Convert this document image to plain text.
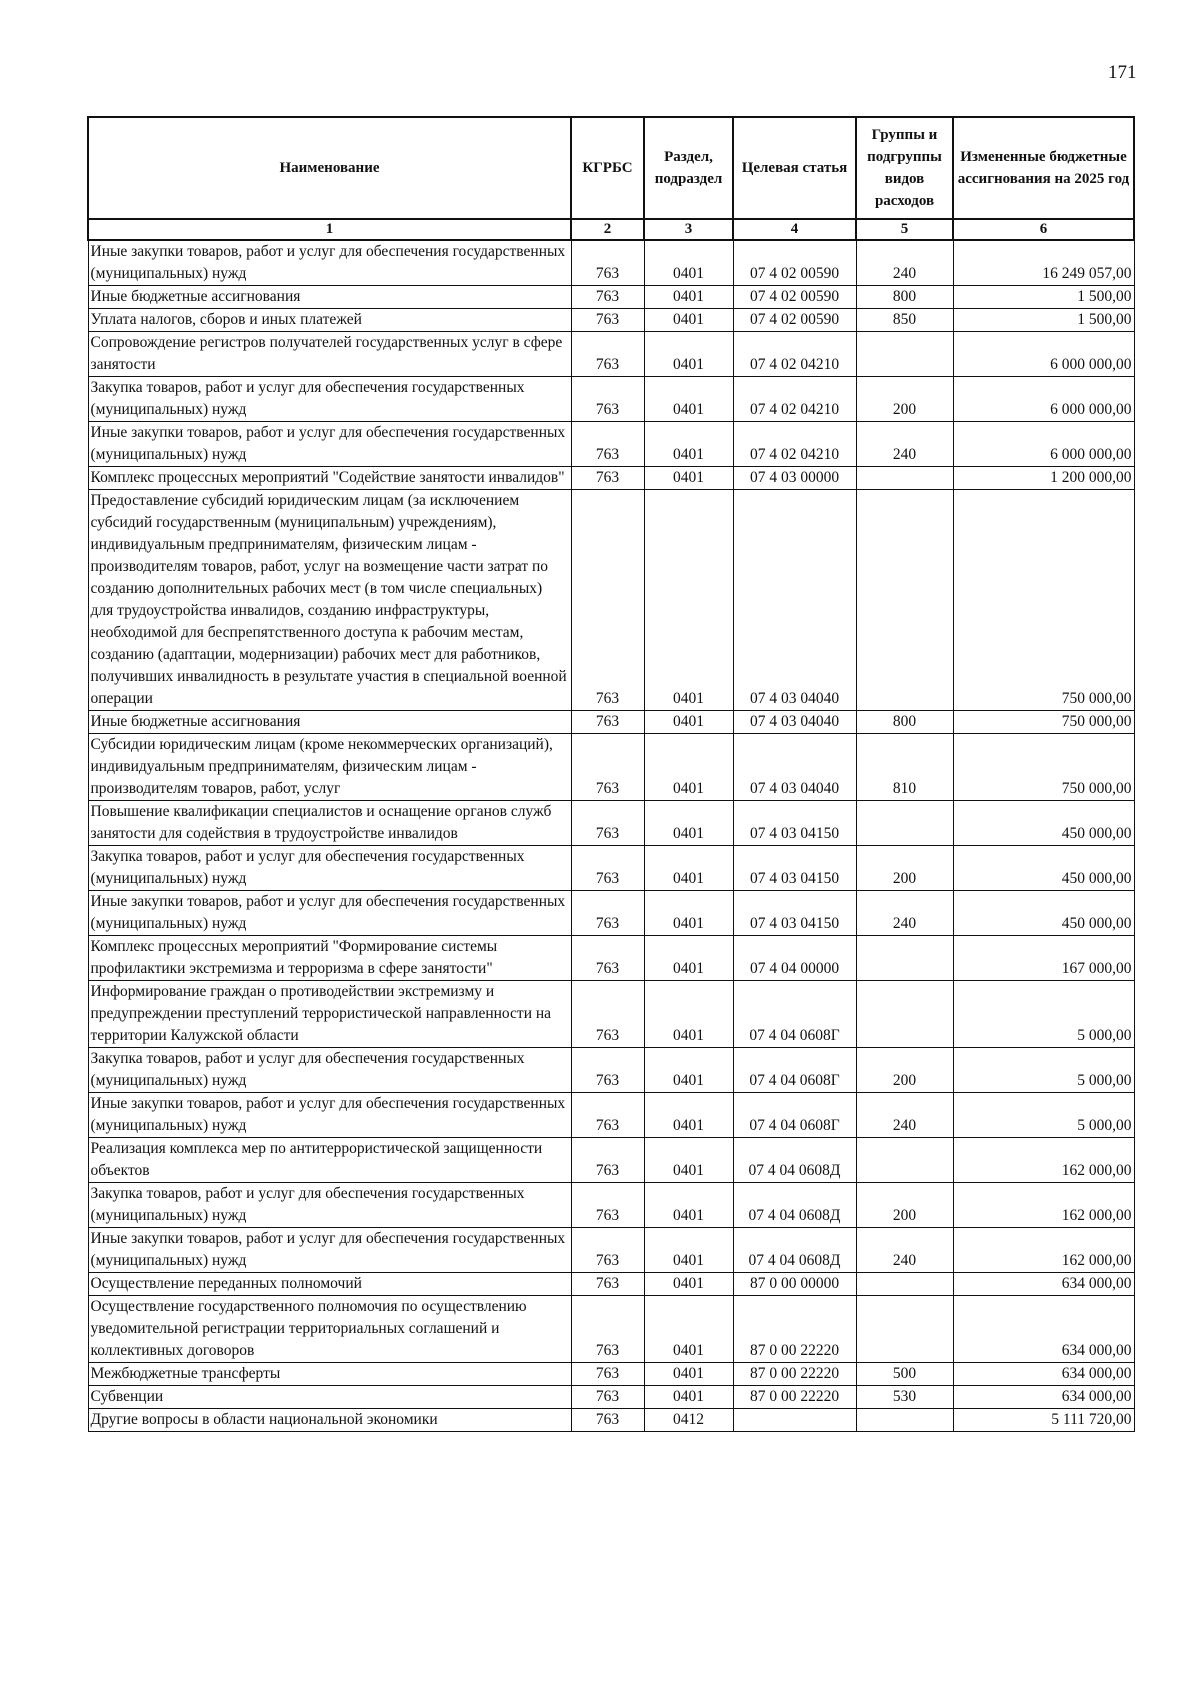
171
Наименование	КГРБС	Раздел, подраздел	Целевая статья	Группы и подгруппы видов расходов	Измененные бюджетные ассигнования на 2025 год
1	2	3	4	5	6
Иные закупки товаров, работ и услуг для обеспечения государственных (муниципальных) нужд	763	0401	07 4 02 00590	240	16 249 057,00
Иные бюджетные ассигнования	763	0401	07 4 02 00590	800	1 500,00
Уплата налогов, сборов и иных платежей	763	0401	07 4 02 00590	850	1 500,00
Сопровождение регистров получателей государственных услуг в сфере занятости	763	0401	07 4 02 04210		6 000 000,00
Закупка товаров, работ и услуг для обеспечения государственных (муниципальных) нужд	763	0401	07 4 02 04210	200	6 000 000,00
Иные закупки товаров, работ и услуг для обеспечения государственных (муниципальных) нужд	763	0401	07 4 02 04210	240	6 000 000,00
Комплекс процессных мероприятий "Содействие занятости инвалидов"	763	0401	07 4 03 00000		1 200 000,00
Предоставление субсидий юридическим лицам (за исключением субсидий государственным (муниципальным) учреждениям), индивидуальным предпринимателям, физическим лицам - производителям товаров, работ, услуг на возмещение части затрат по созданию дополнительных рабочих мест (в том числе специальных) для трудоустройства инвалидов, созданию инфраструктуры, необходимой для беспрепятственного доступа к рабочим местам, созданию (адаптации, модернизации) рабочих мест для работников, получивших инвалидность в результате участия в специальной военной операции	763	0401	07 4 03 04040		750 000,00
Иные бюджетные ассигнования	763	0401	07 4 03 04040	800	750 000,00
Субсидии юридическим лицам (кроме некоммерческих организаций), индивидуальным предпринимателям, физическим лицам - производителям товаров, работ, услуг	763	0401	07 4 03 04040	810	750 000,00
Повышение квалификации специалистов и оснащение органов служб занятости для содействия в трудоустройстве инвалидов	763	0401	07 4 03 04150		450 000,00
Закупка товаров, работ и услуг для обеспечения государственных (муниципальных) нужд	763	0401	07 4 03 04150	200	450 000,00
Иные закупки товаров, работ и услуг для обеспечения государственных (муниципальных) нужд	763	0401	07 4 03 04150	240	450 000,00
Комплекс процессных мероприятий "Формирование системы профилактики экстремизма и терроризма в сфере занятости"	763	0401	07 4 04 00000		167 000,00
Информирование граждан о противодействии экстремизму и предупреждении преступлений террористической направленности на территории Калужской области	763	0401	07 4 04 0608Г		5 000,00
Закупка товаров, работ и услуг для обеспечения государственных (муниципальных) нужд	763	0401	07 4 04 0608Г	200	5 000,00
Иные закупки товаров, работ и услуг для обеспечения государственных (муниципальных) нужд	763	0401	07 4 04 0608Г	240	5 000,00
Реализация комплекса мер по антитеррористической защищенности объектов	763	0401	07 4 04 0608Д		162 000,00
Закупка товаров, работ и услуг для обеспечения государственных (муниципальных) нужд	763	0401	07 4 04 0608Д	200	162 000,00
Иные закупки товаров, работ и услуг для обеспечения государственных (муниципальных) нужд	763	0401	07 4 04 0608Д	240	162 000,00
Осуществление переданных полномочий	763	0401	87 0 00 00000		634 000,00
Осуществление государственного полномочия по осуществлению уведомительной регистрации территориальных соглашений и коллективных договоров	763	0401	87 0 00 22220		634 000,00
Межбюджетные трансферты	763	0401	87 0 00 22220	500	634 000,00
Субвенции	763	0401	87 0 00 22220	530	634 000,00
Другие вопросы в области национальной экономики	763	0412			5 111 720,00
